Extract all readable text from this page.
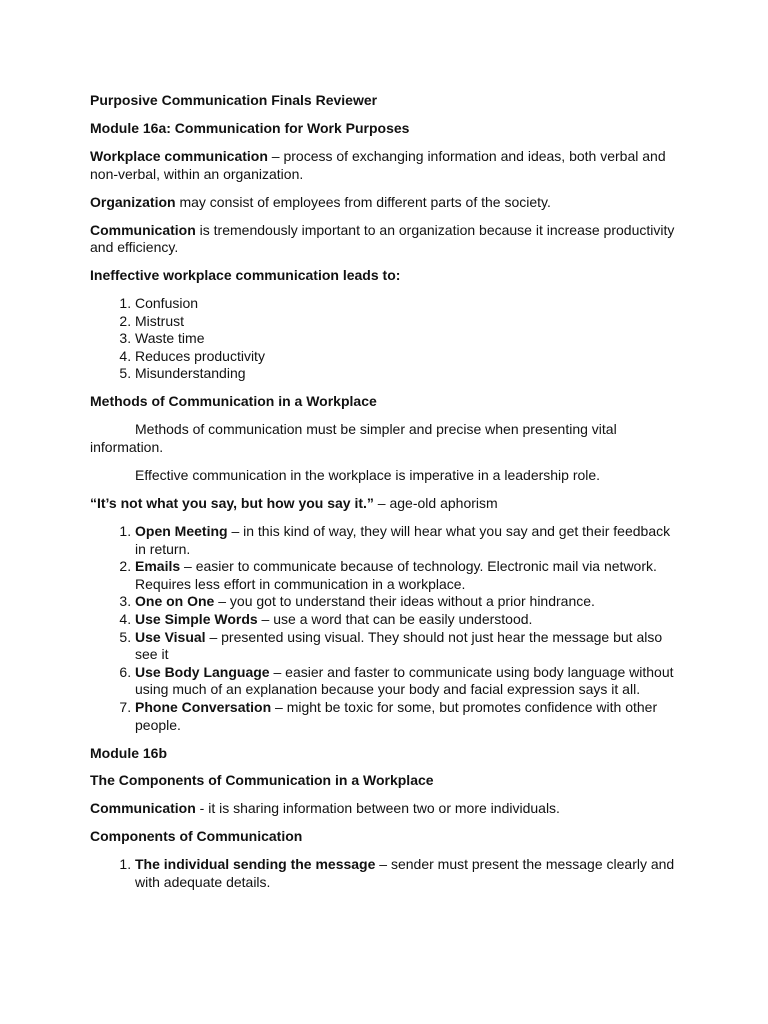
Purposive Communication Finals Reviewer

Module 16a: Communication for Work Purposes

Workplace communication – process of exchanging information and ideas, both verbal and non-verbal, within an organization.

Organization may consist of employees from different parts of the society.

Communication is tremendously important to an organization because it increase productivity and efficiency.

Ineffective workplace communication leads to:

1. Confusion
2. Mistrust
3. Waste time
4. Reduces productivity
5. Misunderstanding

Methods of Communication in a Workplace

Methods of communication must be simpler and precise when presenting vital information.

Effective communication in the workplace is imperative in a leadership role.

“It’s not what you say, but how you say it.” – age-old aphorism

1. Open Meeting – in this kind of way, they will hear what you say and get their feedback in return.
2. Emails – easier to communicate because of technology. Electronic mail via network. Requires less effort in communication in a workplace.
3. One on One – you got to understand their ideas without a prior hindrance.
4. Use Simple Words – use a word that can be easily understood.
5. Use Visual – presented using visual. They should not just hear the message but also see it
6. Use Body Language – easier and faster to communicate using body language without using much of an explanation because your body and facial expression says it all.
7. Phone Conversation – might be toxic for some, but promotes confidence with other people.

Module 16b

The Components of Communication in a Workplace

Communication - it is sharing information between two or more individuals.

Components of Communication

1. The individual sending the message – sender must present the message clearly and with adequate details.
